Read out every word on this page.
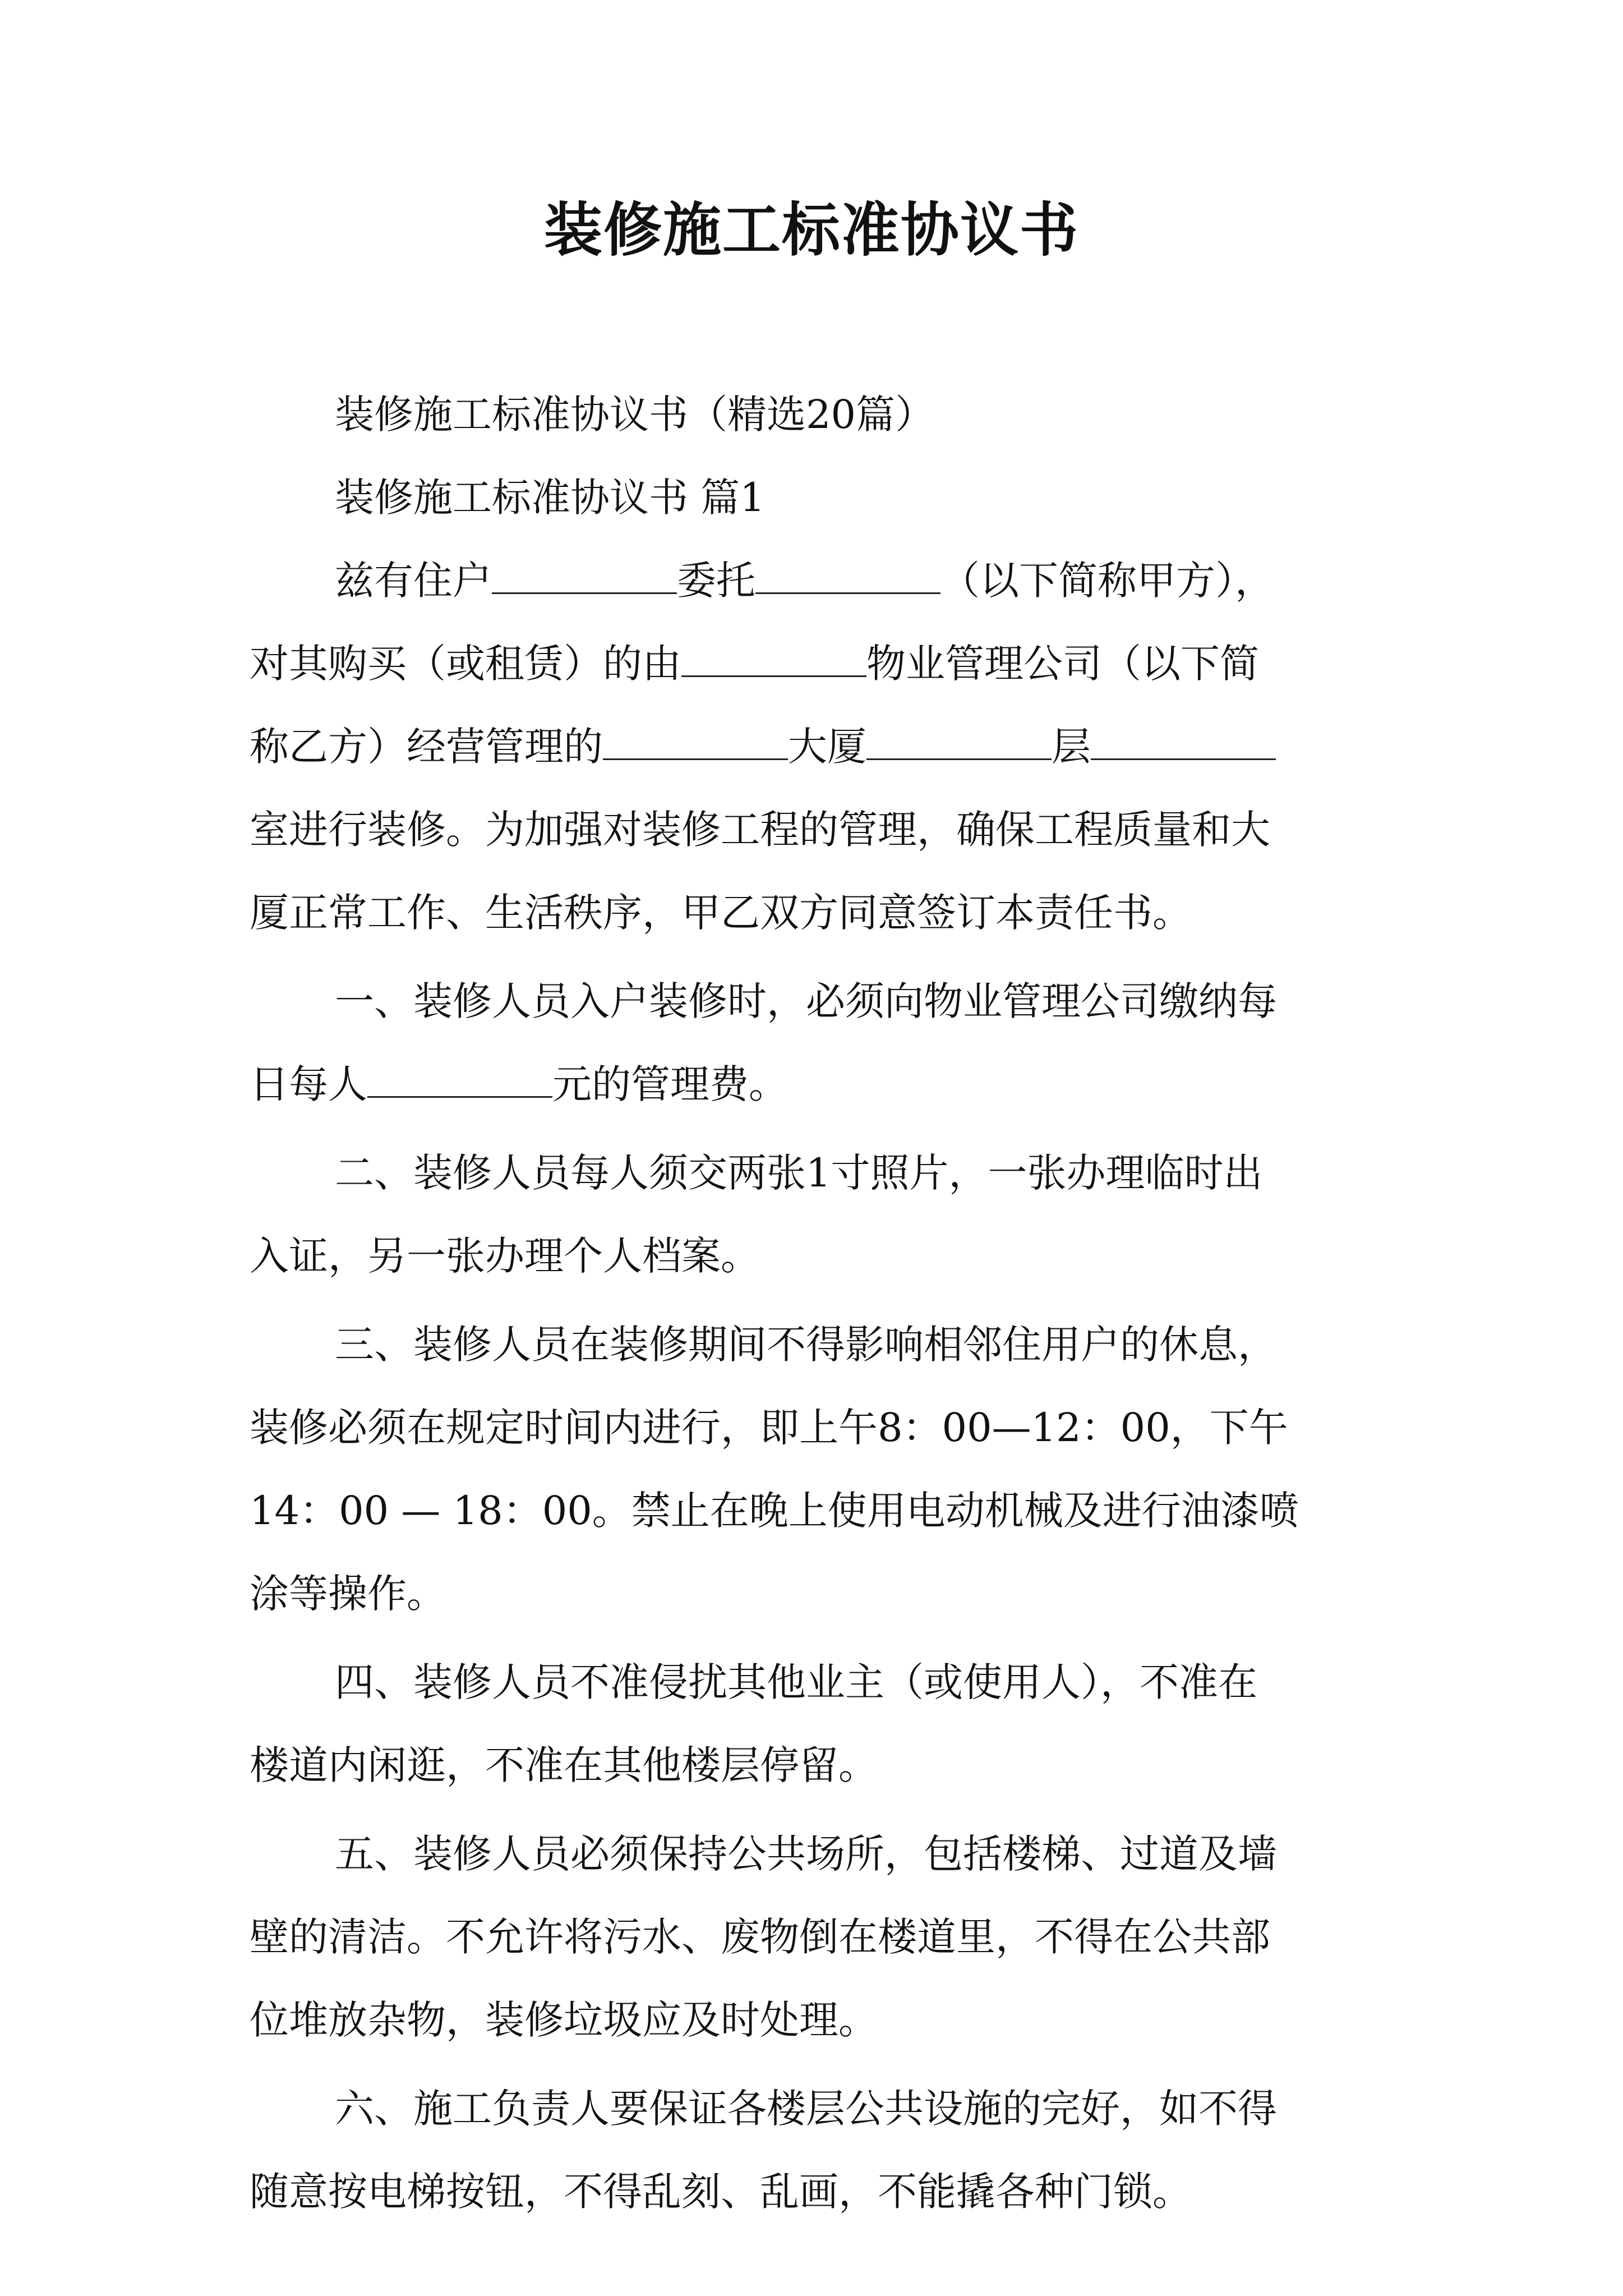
装修施工标准协议书
装修施工标准协议书（精选20篇）
装修施工标准协议书 篇1
兹有住户	委托	（以下简称甲方），
对其购买（或租赁）的由	物业管理公司（以下简
称乙方）经营管理的	大厦	层
室进行装修。为加强对装修工程的管理，确保工程质量和大
厦正常工作、生活秩序，甲乙双方同意签订本责任书。
一、装修人员入户装修时，必须向物业管理公司缴纳每
日每人	元的管理费。
二、装修人员每人须交两张1寸照片，一张办理临时出
入证，另一张办理个人档案。
三、装修人员在装修期间不得影响相邻住用户的休息，
装修必须在规定时间内进行，即上午8：00—12：00，下午
14：00 — 18：00。禁止在晚上使用电动机械及进行油漆喷
涂等操作。
四、装修人员不准侵扰其他业主（或使用人），不准在
楼道内闲逛，不准在其他楼层停留。
五、装修人员必须保持公共场所，包括楼梯、过道及墙
壁的清洁。不允许将污水、废物倒在楼道里，不得在公共部
位堆放杂物，装修垃圾应及时处理。
六、施工负责人要保证各楼层公共设施的完好，如不得
随意按电梯按钮，不得乱刻、乱画，不能撬各种门锁。
